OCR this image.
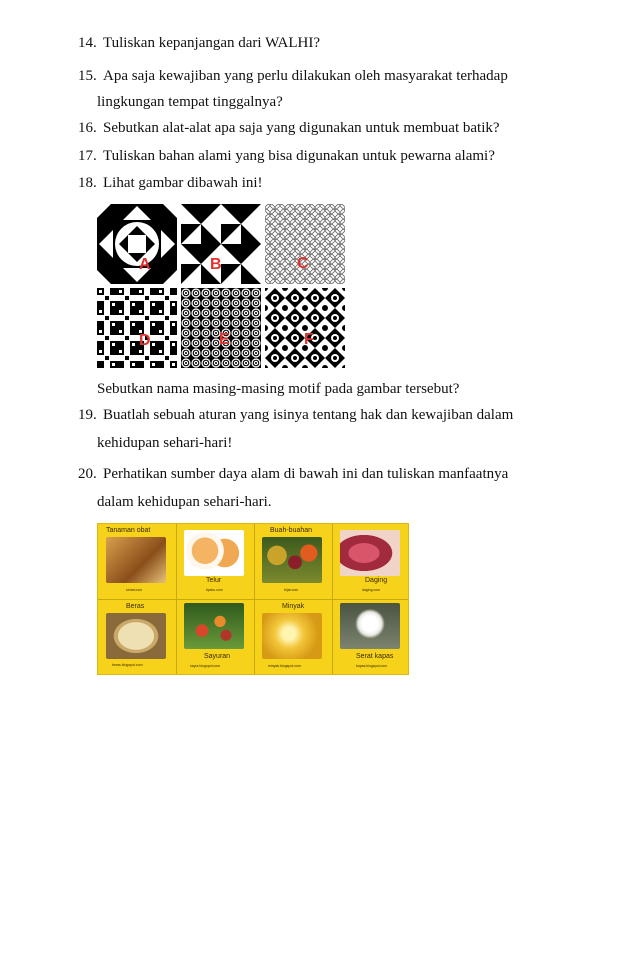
14. Tuliskan kepanjangan dari WALHI?
15. Apa saja kewajiban yang perlu dilakukan oleh masyarakat terhadap
lingkungan tempat tinggalnya?
16. Sebutkan alat-alat apa saja yang digunakan untuk membuat batik?
17. Tuliskan bahan alami yang bisa digunakan untuk pewarna alami?
18. Lihat gambar dibawah ini!
A	B	C
D	E	F
Sebutkan nama masing-masing motif pada gambar tersebut?
19. Buatlah sebuah aturan yang isinya tentang hak dan kewajiban dalam
kehidupan sehari-hari!
20. Perhatikan sumber daya alam di bawah ini dan tuliskan manfaatnya
dalam kehidupan sehari-hari.
Tanaman obat
sehat.com
Telur
tipsku.com
Buah-buahan
trijat.com
Daging
daging.com
Beras
beras.blogspot.com
Sayuran
sayur.blogspot.com
Minyak
minyak.blogspot.com
Serat kapas
kapas.blogspot.com
